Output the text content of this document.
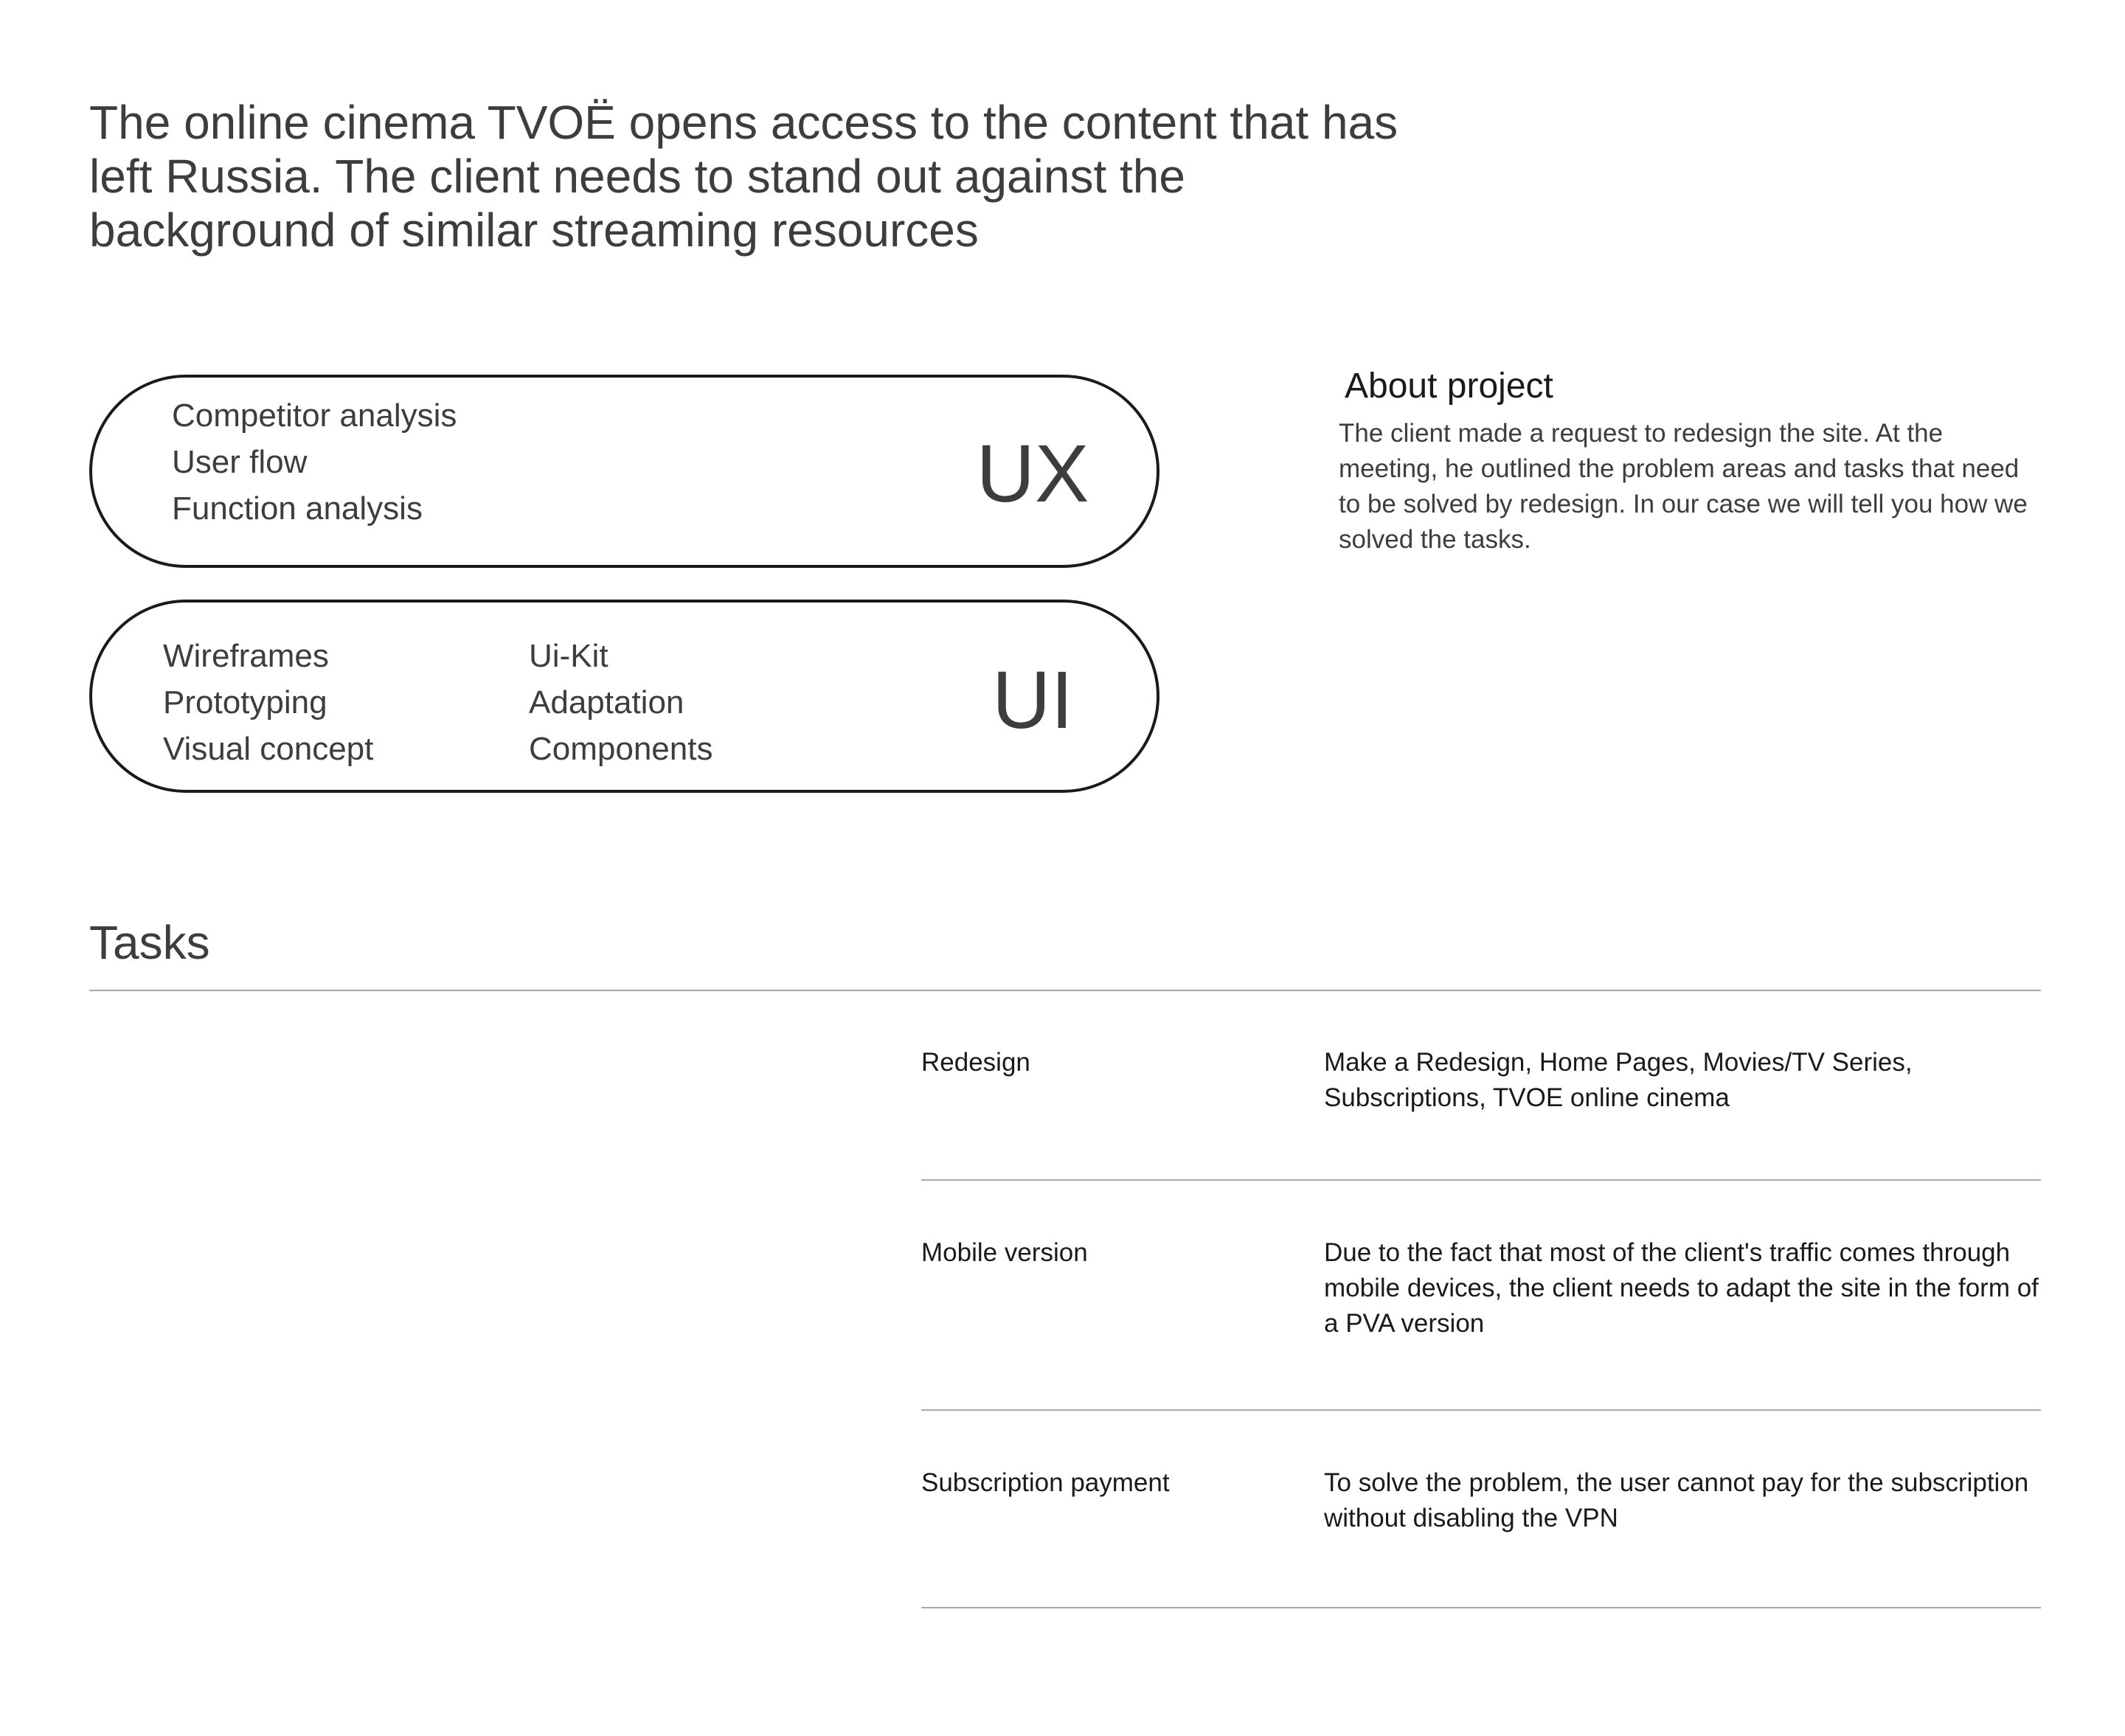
The online cinema TVOЁ opens access to the content that has
left Russia. The client needs to stand out against the
background of similar streaming resources
Competitor analysis
User flow
Function analysis	UX
Wireframes
Prototyping
Visual concept
Ui-Kit
Adaptation
Components
UI
About project

The client made a request to redesign the site. At the meeting, he outlined the problem areas and tasks that need to be solved by redesign. In our case we will tell you how we solved the tasks.

Tasks
Redesign	Make a Redesign, Home Pages, Movies/TV Series, Subscriptions, TVOE online cinema
Mobile version	Due to the fact that most of the client's traffic comes through mobile devices, the client needs to adapt the site in the form of a PVA version
Subscription payment	To solve the problem, the user cannot pay for the subscription without disabling the VPN
